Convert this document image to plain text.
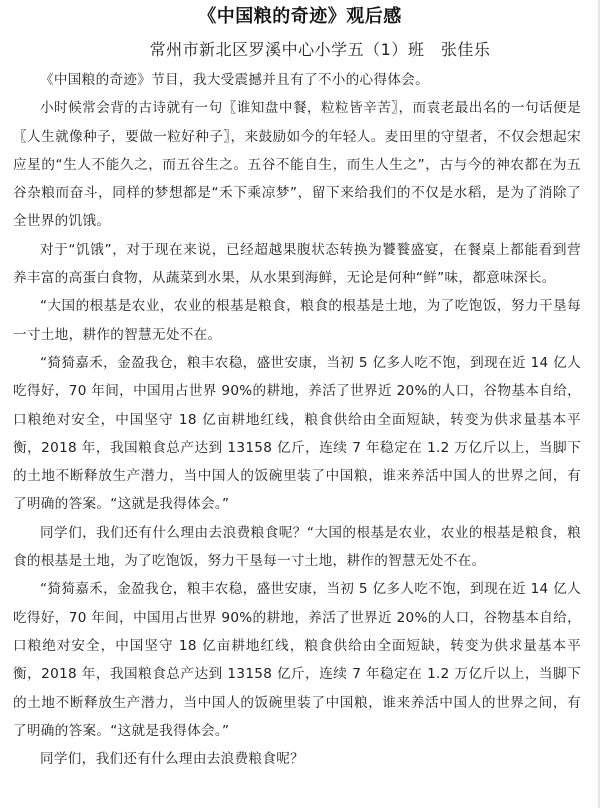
《中国粮的奇迹》观后感
常州市新北区罗溪中心小学五（1）班　张佳乐

《中国粮的奇迹》节目，我大受震撼并且有了不小的心得体会。

小时候常会背的古诗就有一句〖谁知盘中餐，粒粒皆辛苦〗，而袁老最出名的一句话便是〖人生就像种子，要做一粒好种子〗，来鼓励如今的年轻人。麦田里的守望者，不仅会想起宋应星的“生人不能久之，而五谷生之。五谷不能自生，而生人生之”，古与今的神农都在为五谷杂粮而奋斗，同样的梦想都是“禾下乘凉梦”，留下来给我们的不仅是水稻，是为了消除了全世界的饥饿。

对于“饥饿”，对于现在来说，已经超越果腹状态转换为饕餮盛宴，在餐桌上都能看到营养丰富的高蛋白食物，从蔬菜到水果，从水果到海鲜，无论是何种“鲜”味，都意味深长。

“大国的根基是农业，农业的根基是粮食，粮食的根基是土地，为了吃饱饭，努力干垦每一寸土地，耕作的智慧无处不在。

“猗猗嘉禾，金盈我仓，粮丰农稳，盛世安康，当初 5 亿多人吃不饱，到现在近 14 亿人吃得好，70 年间，中国用占世界 90%的耕地，养活了世界近 20%的人口，谷物基本自给，口粮绝对安全，中国坚守 18 亿亩耕地红线，粮食供给由全面短缺，转变为供求量基本平衡，2018 年，我国粮食总产达到 13158 亿斤，连续 7 年稳定在 1.2 万亿斤以上，当脚下的土地不断释放生产潜力，当中国人的饭碗里装了中国粮，谁来养活中国人的世界之间，有了明确的答案。“这就是我得体会。”

同学们，我们还有什么理由去浪费粮食呢？“大国的根基是农业，农业的根基是粮食，粮食的根基是土地，为了吃饱饭，努力干垦每一寸土地，耕作的智慧无处不在。

“猗猗嘉禾，金盈我仓，粮丰农稳，盛世安康，当初 5 亿多人吃不饱，到现在近 14 亿人吃得好，70 年间，中国用占世界 90%的耕地，养活了世界近 20%的人口，谷物基本自给，口粮绝对安全，中国坚守 18 亿亩耕地红线，粮食供给由全面短缺，转变为供求量基本平衡，2018 年，我国粮食总产达到 13158 亿斤，连续 7 年稳定在 1.2 万亿斤以上，当脚下的土地不断释放生产潜力，当中国人的饭碗里装了中国粮，谁来养活中国人的世界之间，有了明确的答案。“这就是我得体会。”

同学们，我们还有什么理由去浪费粮食呢？
